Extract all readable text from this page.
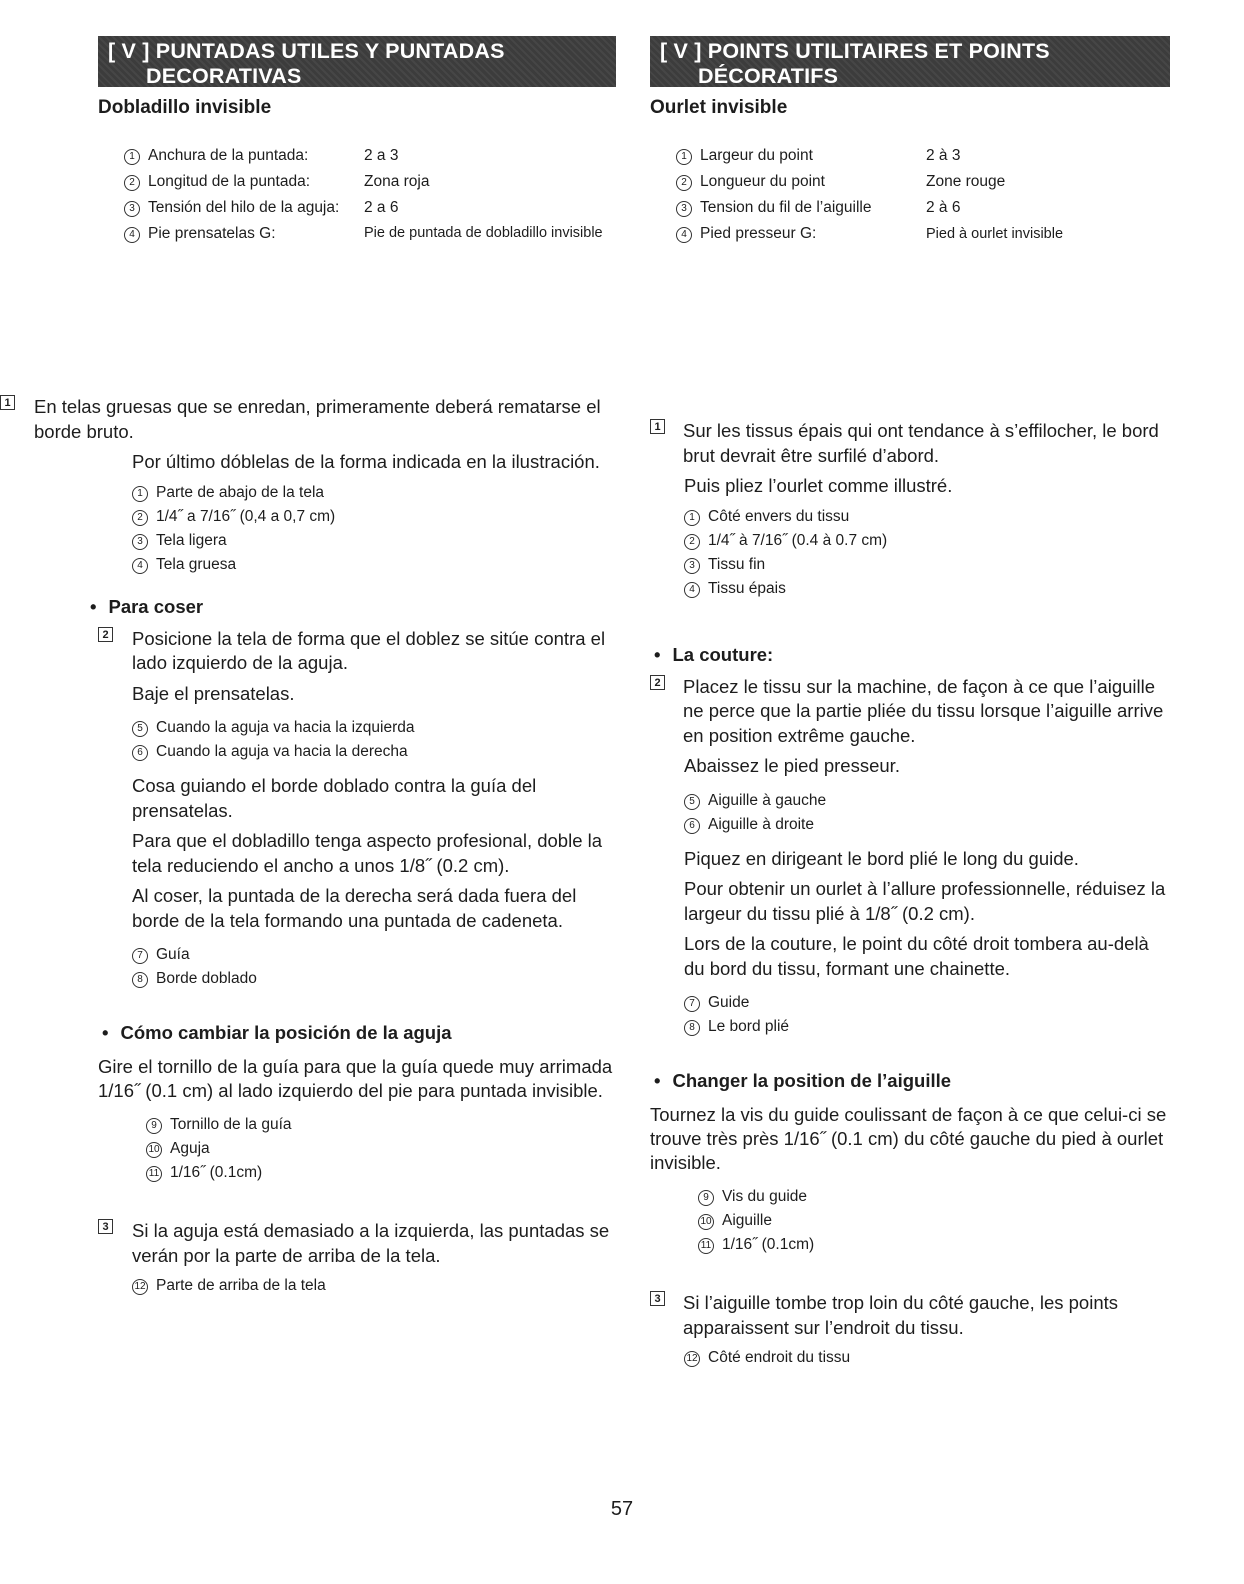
[ V ] PUNTADAS UTILES Y PUNTADAS
DECORATIVAS
Dobladillo invisible
1 Anchura de la puntada:	2 a 3
2 Longitud de la puntada:	Zona roja
3 Tensión del hilo de la aguja:	2 a 6
4 Pie prensatelas G:	Pie de puntada de dobladillo invisible
1 En telas gruesas que se enredan, primeramente deberá rematarse el borde bruto.
Por último dóblelas de la forma indicada en la ilustración.
1 Parte de abajo de la tela
2 1/4˝ a 7/16˝ (0,4 a 0,7 cm)
3 Tela ligera
4 Tela gruesa
• Para coser
2 Posicione la tela de forma que el doblez se sitúe contra el lado izquierdo de la aguja.
Baje el prensatelas.
5 Cuando la aguja va hacia la izquierda
6 Cuando la aguja va hacia la derecha
Cosa guiando el borde doblado contra la guía del prensatelas.
Para que el dobladillo tenga aspecto profesional, doble la tela reduciendo el ancho a unos 1/8˝ (0.2 cm).
Al coser, la puntada de la derecha será dada fuera del borde de la tela formando una puntada de cadeneta.
7 Guía
8 Borde doblado
• Cómo cambiar la posición de la aguja
Gire el tornillo de la guía para que la guía quede muy arrimada 1/16˝ (0.1 cm) al lado izquierdo del pie para puntada invisible.
9 Tornillo de la guía
10 Aguja
11 1/16˝ (0.1cm)
3 Si la aguja está demasiado a la izquierda, las puntadas se verán por la parte de arriba de la tela.
12 Parte de arriba de la tela
[ V ] POINTS UTILITAIRES ET POINTS
DÉCORATIFS
Ourlet invisible
1 Largeur du point	2 à 3
2 Longueur du point	Zone rouge
3 Tension du fil de l’aiguille	2 à 6
4 Pied presseur G:	Pied à ourlet invisible
1 Sur les tissus épais qui ont tendance à s’effilocher, le bord brut devrait être surfilé d’abord.
Puis pliez l’ourlet comme illustré.
1 Côté envers du tissu
2 1/4˝ à 7/16˝ (0.4 à 0.7 cm)
3 Tissu fin
4 Tissu épais
• La couture:
2 Placez le tissu sur la machine, de façon à ce que l’aiguille ne perce que la partie pliée du tissu lorsque l’aiguille arrive en position extrême gauche.
Abaissez le pied presseur.
5 Aiguille à gauche
6 Aiguille à droite
Piquez en dirigeant le bord plié le long du guide.
Pour obtenir un ourlet à l’allure professionnelle, réduisez la largeur du tissu plié à 1/8˝ (0.2 cm).
Lors de la couture, le point du côté droit tombera au-delà du bord du tissu, formant une chainette.
7 Guide
8 Le bord plié
• Changer la position de l’aiguille
Tournez la vis du guide coulissant de façon à ce que celui-ci se trouve très près 1/16˝ (0.1 cm) du côté gauche du pied à ourlet invisible.
9 Vis du guide
10 Aiguille
11 1/16˝ (0.1cm)
3 Si l’aiguille tombe trop loin du côté gauche, les points apparaissent sur l’endroit du tissu.
12 Côté endroit du tissu
57
